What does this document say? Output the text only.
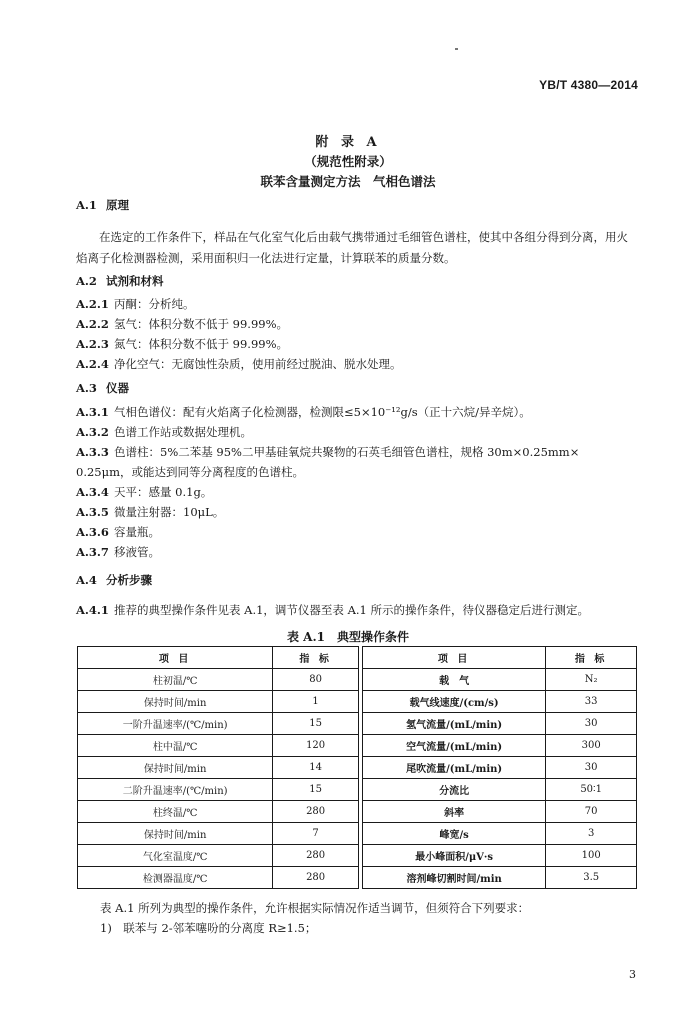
YB/T 4380—2014
附 录 A
（规范性附录）
联苯含量测定方法　气相色谱法
A.1 原理
在选定的工作条件下，样品在气化室气化后由载气携带通过毛细管色谱柱，使其中各组分得到分离，用火焰离子化检测器检测，采用面积归一化法进行定量，计算联苯的质量分数。
A.2 试剂和材料
A.2.1 丙酮：分析纯。
A.2.2 氢气：体积分数不低于 99.99%。
A.2.3 氮气：体积分数不低于 99.99%。
A.2.4 净化空气：无腐蚀性杂质，使用前经过脱油、脱水处理。
A.3 仪器
A.3.1 气相色谱仪：配有火焰离子化检测器，检测限≤5×10⁻¹²g/s（正十六烷/异辛烷）。
A.3.2 色谱工作站或数据处理机。
A.3.3 色谱柱：5%二苯基 95%二甲基硅氧烷共聚物的石英毛细管色谱柱，规格 30m×0.25mm×
0.25μm，或能达到同等分离程度的色谱柱。
A.3.4 天平：感量 0.1g。
A.3.5 微量注射器：10μL。
A.3.6 容量瓶。
A.3.7 移液管。
A.4 分析步骤
A.4.1 推荐的典型操作条件见表 A.1，调节仪器至表 A.1 所示的操作条件，待仪器稳定后进行测定。
表 A.1　典型操作条件
项 目	指 标		项 目	指 标
柱初温/℃	80		载　气	N₂
保持时间/min	1		载气线速度/(cm/s)	33
一阶升温速率/(℃/min)	15		氢气流量/(mL/min)	30
柱中温/℃	120		空气流量/(mL/min)	300
保持时间/min	14		尾吹流量/(mL/min)	30
二阶升温速率/(℃/min)	15		分流比	50∶1
柱终温/℃	280		斜率	70
保持时间/min	7		峰宽/s	3
气化室温度/℃	280		最小峰面积/μV·s	100
检测器温度/℃	280		溶剂峰切割时间/min	3.5
表 A.1 所列为典型的操作条件，允许根据实际情况作适当调节，但须符合下列要求：
1)　联苯与 2-邻苯噻吩的分离度 R≥1.5；
3
